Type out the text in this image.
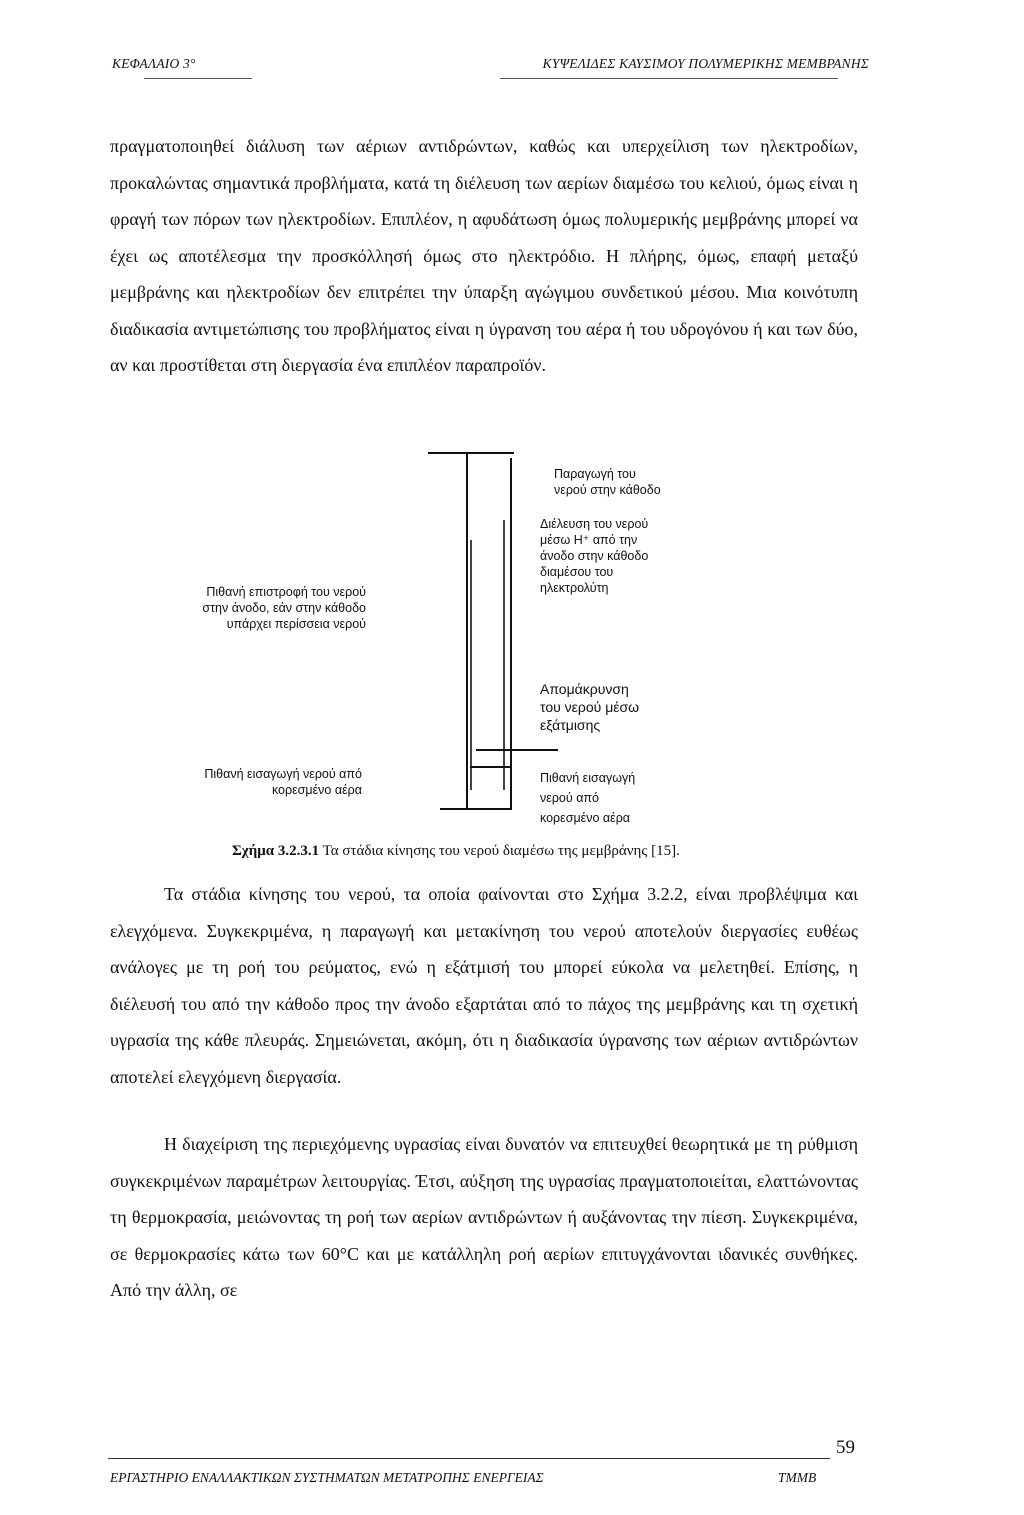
ΚΕΦΑΛΑΙΟ 3°	ΚΥΨΕΛΙΔΕΣ ΚΑΥΣΙΜΟΥ ΠΟΛΥΜΕΡΙΚΗΣ ΜΕΜΒΡΑΝΗΣ

πραγματοποιηθεί διάλυση των αέριων αντιδρώντων, καθώς και υπερχείλιση των ηλεκτροδίων, προκαλώντας σημαντικά προβλήματα, κατά τη διέλευση των αερίων διαμέσω του κελιού, όμως είναι η φραγή των πόρων των ηλεκτροδίων. Επιπλέον, η αφυδάτωση όμως πολυμερικής μεμβράνης μπορεί να έχει ως αποτέλεσμα την προσκόλλησή όμως στο ηλεκτρόδιο. Η πλήρης, όμως, επαφή μεταξύ μεμβράνης και ηλεκτροδίων δεν επιτρέπει την ύπαρξη αγώγιμου συνδετικού μέσου. Μια κοινότυπη διαδικασία αντιμετώπισης του προβλήματος είναι η ύγρανση του αέρα ή του υδρογόνου ή και των δύο, αν και προστίθεται στη διεργασία ένα επιπλέον παραπροϊόν.

Παραγωγή του
νερού στην κάθοδο
Διέλευση του νερού
μέσω H⁺ από την
άνοδο στην κάθοδο
διαμέσου του
ηλεκτρολύτη
Απομάκρυνση
του νερού μέσω
εξάτμισης
Πιθανή εισαγωγή
νερού από
κορεσμένο αέρα
Πιθανή επιστροφή του νερού
στην άνοδο, εάν στην κάθοδο
υπάρχει περίσσεια νερού
Πιθανή εισαγωγή νερού από
κορεσμένο αέρα
Σχήμα 3.2.3.1 Τα στάδια κίνησης του νερού διαμέσω της μεμβράνης [15].

Τα στάδια κίνησης του νερού, τα οποία φαίνονται στο Σχήμα 3.2.2, είναι προβλέψιμα και ελεγχόμενα. Συγκεκριμένα, η παραγωγή και μετακίνηση του νερού αποτελούν διεργασίες ευθέως ανάλογες με τη ροή του ρεύματος, ενώ η εξάτμισή του μπορεί εύκολα να μελετηθεί. Επίσης, η διέλευσή του από την κάθοδο προς την άνοδο εξαρτάται από το πάχος της μεμβράνης και τη σχετική υγρασία της κάθε πλευράς. Σημειώνεται, ακόμη, ότι η διαδικασία ύγρανσης των αέριων αντιδρώντων αποτελεί ελεγχόμενη διεργασία.

Η διαχείριση της περιεχόμενης υγρασίας είναι δυνατόν να επιτευχθεί θεωρητικά με τη ρύθμιση συγκεκριμένων παραμέτρων λειτουργίας. Έτσι, αύξηση της υγρασίας πραγματοποιείται, ελαττώνοντας τη θερμοκρασία, μειώνοντας τη ροή των αερίων αντιδρώντων ή αυξάνοντας την πίεση. Συγκεκριμένα, σε θερμοκρασίες κάτω των 60°C και με κατάλληλη ροή αερίων επιτυγχάνονται ιδανικές συνθήκες. Από την άλλη, σε

59
ΕΡΓΑΣΤΗΡΙΟ ΕΝΑΛΛΑΚΤΙΚΩΝ ΣΥΣΤΗΜΑΤΩΝ ΜΕΤΑΤΡΟΠΗΣ ΕΝΕΡΓΕΙΑΣ	ΤΜΜΒ
